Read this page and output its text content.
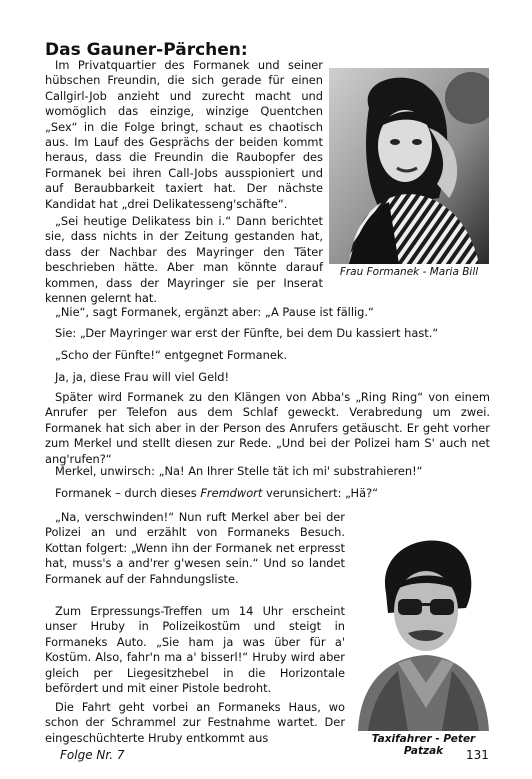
Das Gauner-Pärchen:

Im Privatquartier des Formanek und seiner hübschen Freundin, die sich gerade für einen Callgirl-Job anzieht und zurecht macht und womöglich das einzige, winzige Quentchen „Sex“ in die Folge bringt, schaut es chaotisch aus. Im Lauf des Gesprächs der beiden kommt heraus, dass die Freundin die Raubopfer des Formanek bei ihren Call-Jobs ausspioniert und auf Beraubbarkeit taxiert hat. Der nächste Kandidat hat „drei Delikatesseng'schäfte“.

„Sei heutige Delikatess bin i.“ Dann berichtet sie, dass nichts in der Zeitung gestanden hat, dass der Nachbar des Mayringer den Täter beschrieben hätte. Aber man könnte darauf kommen, dass der Mayringer sie per Inserat kennen gelernt hat.

„Nie“, sagt Formanek, ergänzt aber: „A Pause ist fällig.“

Sie: „Der Mayringer war erst der Fünfte, bei dem Du kassiert hast.“

„Scho der Fünfte!“ entgegnet Formanek.

Ja, ja, diese Frau will viel Geld!

Später wird Formanek zu den Klängen von Abba's „Ring Ring“ von einem Anrufer per Telefon aus dem Schlaf geweckt. Verabredung um zwei. Formanek hat sich aber in der Person des Anrufers getäuscht. Er geht vorher zum Merkel und stellt diesen zur Rede. „Und bei der Polizei ham S' auch net ang'rufen?“

Merkel, unwirsch: „Na! An Ihrer Stelle tät ich mi' substrahieren!“

Formanek – durch dieses Fremdwort verunsichert: „Hä?“

„Na, verschwinden!“ Nun ruft Merkel aber bei der Polizei an und erzählt von Formaneks Besuch. Kottan folgert: „Wenn ihn der Formanek net erpresst hat, muss's a and'rer g'wesen sein.“ Und so landet Formanek auf der Fahndungsliste.

Zum Erpressungs-Treffen um 14 Uhr erscheint unser Hruby in Polizeikostüm und steigt in Formaneks Auto. „Sie ham ja was über für a' Kostüm. Also, fahr'n ma a' bisserl!“ Hruby wird aber gleich per Liegesitzhebel in die Horizontale befördert und mit einer Pistole bedroht.

Die Fahrt geht vorbei an Formaneks Haus, wo schon der Schrammel zur Festnahme wartet. Der eingeschüchterte Hruby entkommt aus

Frau Formanek - Maria Bill
Taxifahrer - Peter Patzak
Folge Nr. 7	131
